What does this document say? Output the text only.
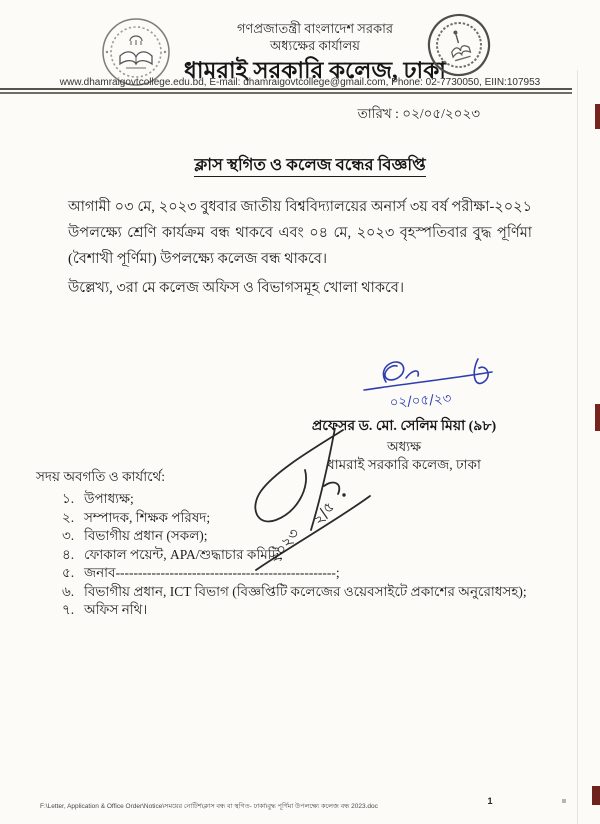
গণপ্রজাতন্ত্রী বাংলাদেশ সরকার
অধ্যক্ষের কার্যালয়
ধামরাই সরকারি কলেজ, ঢাকা
www.dhamraigovtcollege.edu.bd, E-mail: dhamraigovtcollege@gmail.com, Phone: 02-7730050, EIIN:107953
তারিখ : ০২/০৫/২০২৩
ক্লাস স্থগিত ও কলেজ বন্ধের বিজ্ঞপ্তি
আগামী ০৩ মে, ২০২৩ বুধবার জাতীয় বিশ্ববিদ্যালয়ের অনার্স ৩য় বর্ষ পরীক্ষা-২০২১ উপলক্ষ্যে শ্রেণি কার্যক্রম বন্ধ থাকবে এবং ০৪ মে, ২০২৩ বৃহস্পতিবার বুদ্ধ পূর্ণিমা (বৈশাখী পূর্ণিমা) উপলক্ষ্যে কলেজ বন্ধ থাকবে।
উল্লেখ্য, ৩রা মে কলেজ অফিস ও বিভাগসমূহ খোলা থাকবে।
০২/০৫/২৩
প্রফেসর ড. মো. সেলিম মিয়া (৯৮)
অধ্যক্ষ
ধামরাই সরকারি কলেজ, ঢাকা
২/৫
২০২৩
সদয় অবগতি ও কার্যার্থে:
১. উপাধ্যক্ষ;
২. সম্পাদক, শিক্ষক পরিষদ;
৩. বিভাগীয় প্রধান (সকল);
৪. ফোকাল পয়েন্ট, APA/শুদ্ধাচার কমিটি;
৫. জনাব-------------------------------------------------;
৬. বিভাগীয় প্রধান, ICT বিভাগ (বিজ্ঞপ্তিটি কলেজের ওয়েবসাইটে প্রকাশের অনুরোধসহ);
৭. অফিস নথি।
F:\Letter, Application & Office Order\Notice\সময়ের নোটিশ\ক্লাস বন্ধ বা স্থগিত- ঢাকা\বুদ্ধ পূর্ণিমা উপলক্ষ্যে কলেজ বন্ধ 2023.doc
1
